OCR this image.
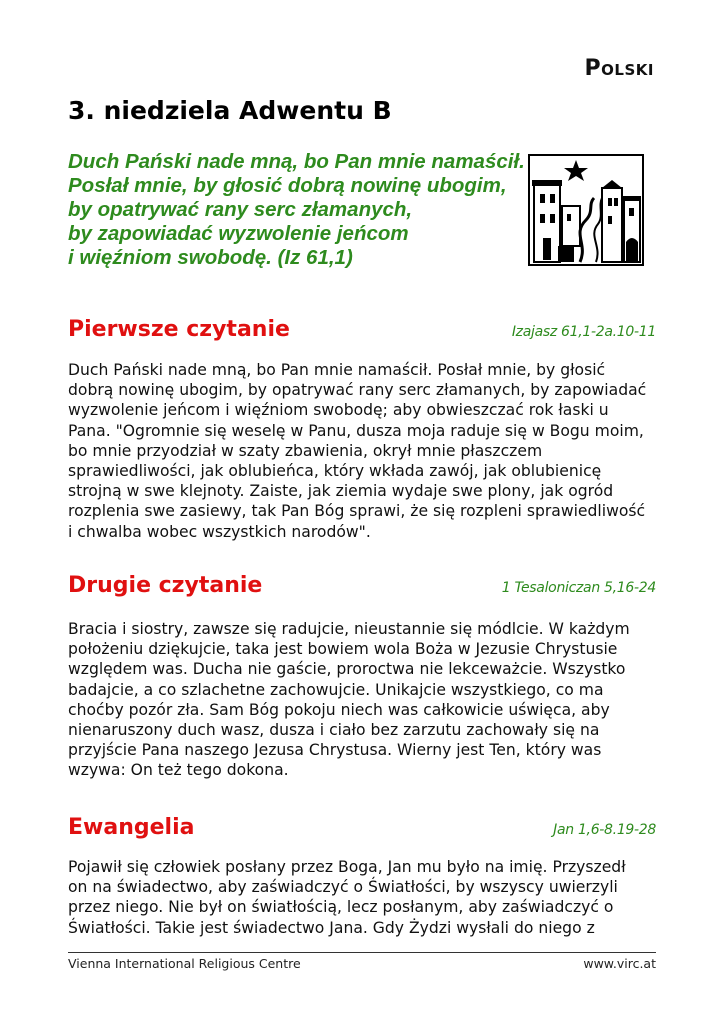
Polski
3. niedziela Adwentu B
Duch Pański nade mną, bo Pan mnie namaścił.
Posłał mnie, by głosić dobrą nowinę ubogim,
by opatrywać rany serc złamanych,
by zapowiadać wyzwolenie jeńcom
i więźniom swobodę. (Iz 61,1)
Pierwsze czytanie	Izajasz 61,1-2a.10-11
Duch Pański nade mną, bo Pan mnie namaścił. Posłał mnie, by głosić
dobrą nowinę ubogim, by opatrywać rany serc złamanych, by zapowiadać
wyzwolenie jeńcom i więźniom swobodę; aby obwieszczać rok łaski u
Pana. "Ogromnie się weselę w Panu, dusza moja raduje się w Bogu moim,
bo mnie przyodział w szaty zbawienia, okrył mnie płaszczem
sprawiedliwości, jak oblubieńca, który wkłada zawój, jak oblubienicę
strojną w swe klejnoty. Zaiste, jak ziemia wydaje swe plony, jak ogród
rozplenia swe zasiewy, tak Pan Bóg sprawi, że się rozpleni sprawiedliwość
i chwalba wobec wszystkich narodów".
Drugie czytanie	1 Tesaloniczan 5,16-24
Bracia i siostry, zawsze się radujcie, nieustannie się módlcie. W każdym
położeniu dziękujcie, taka jest bowiem wola Boża w Jezusie Chrystusie
względem was. Ducha nie gaście, proroctwa nie lekceważcie. Wszystko
badajcie, a co szlachetne zachowujcie. Unikajcie wszystkiego, co ma
choćby pozór zła. Sam Bóg pokoju niech was całkowicie uświęca, aby
nienaruszony duch wasz, dusza i ciało bez zarzutu zachowały się na
przyjście Pana naszego Jezusa Chrystusa. Wierny jest Ten, który was
wzywa: On też tego dokona.
Ewangelia	Jan 1,6-8.19-28
Pojawił się człowiek posłany przez Boga, Jan mu było na imię. Przyszedł
on na świadectwo, aby zaświadczyć o Światłości, by wszyscy uwierzyli
przez niego. Nie był on światłością, lecz posłanym, aby zaświadczyć o
Światłości. Takie jest świadectwo Jana. Gdy Żydzi wysłali do niego z
Vienna International Religious Centre	www.virc.at
